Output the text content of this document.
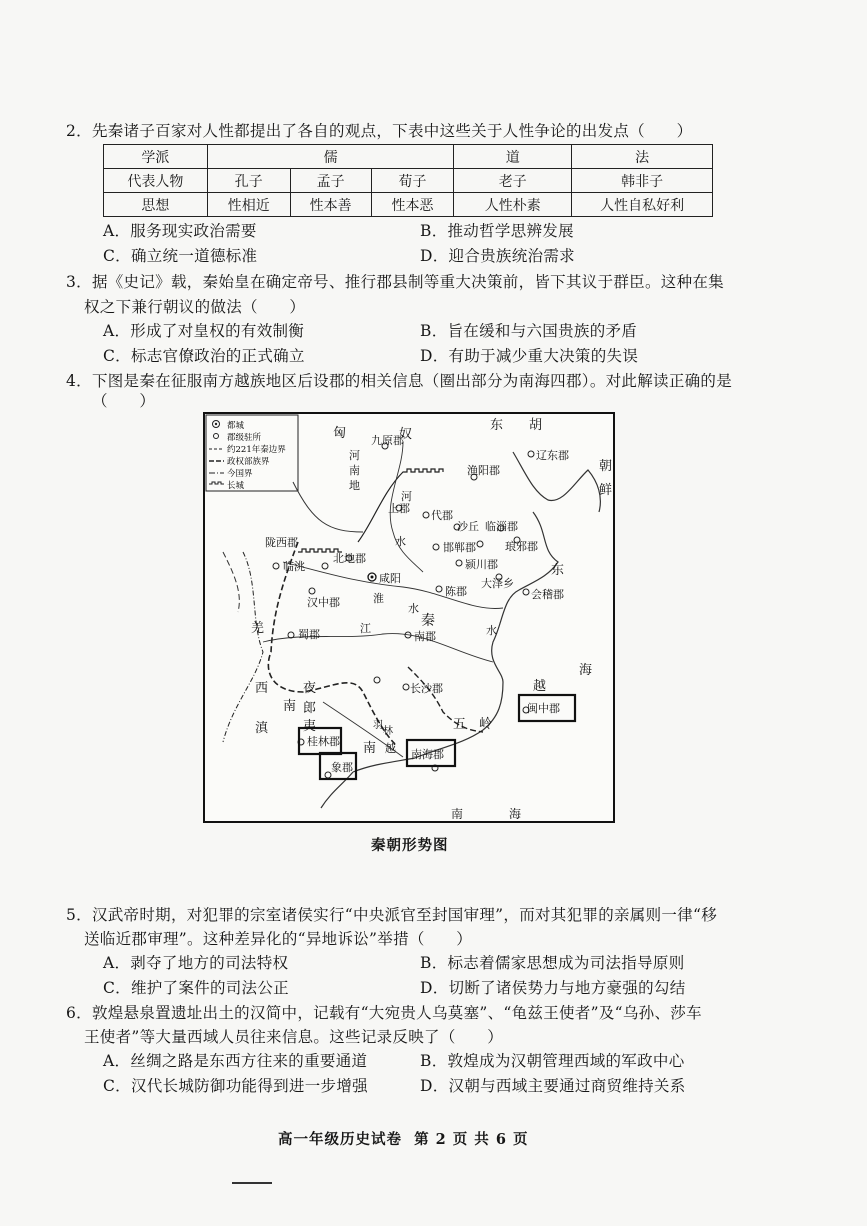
2．先秦诸子百家对人性都提出了各自的观点，下表中这些关于人性争论的出发点（　　）
学派	儒			道	法
代表人物	孔子	孟子	荀子	老子	韩非子
思想	性相近	性本善	性本恶	人性朴素	人性自私好利
A．服务现实政治需要	B．推动哲学思辨发展
C．确立统一道德标准	D．迎合贵族统治需求
3．据《史记》载，秦始皇在确定帝号、推行郡县制等重大决策前，皆下其议于群臣。这种在集
权之下兼行朝议的做法（　　）
A．形成了对皇权的有效制衡	B．旨在缓和与六国贵族的矛盾
C．标志官僚政治的正式确立	D．有助于减少重大决策的失误
4．下图是秦在征服南方越族地区后设郡的相关信息（圈出部分为南海四郡）。对此解读正确的是
（　　）
都城
郡级驻所
约221年秦边界
政权部族界
今国界
长城
匈	奴
东 胡
朝
鲜
九原郡
渔阳郡
辽东郡
河
南
地
河
上郡
代郡
水
沙丘 临淄郡
琅邪郡
陇西郡
北地郡
咸阳
临洮
邯郸郡
颍川郡
大泽乡
陈郡
汉中郡
会稽郡
秦
羌	蜀郡	江
南郡
淮
水
水
东
海
长沙郡
西	夜
郎
南
滇	夷	五 岭
越
闽中郡
桂林郡
象郡
南海郡
南 越
南	海
羽
林
秦朝形势图
5．汉武帝时期，对犯罪的宗室诸侯实行“中央派官至封国审理”，而对其犯罪的亲属则一律“移
送临近郡审理”。这种差异化的“异地诉讼”举措（　　）
A．剥夺了地方的司法特权	B．标志着儒家思想成为司法指导原则
C．维护了案件的司法公正	D．切断了诸侯势力与地方豪强的勾结
6．敦煌悬泉置遗址出土的汉简中，记载有“大宛贵人乌莫塞”、“龟兹王使者”及“乌孙、莎车
王使者”等大量西域人员往来信息。这些记录反映了（　　）
A．丝绸之路是东西方往来的重要通道	B．敦煌成为汉朝管理西域的军政中心
C．汉代长城防御功能得到进一步增强	D．汉朝与西域主要通过商贸维持关系
高一年级历史试卷 第 2 页 共 6 页
